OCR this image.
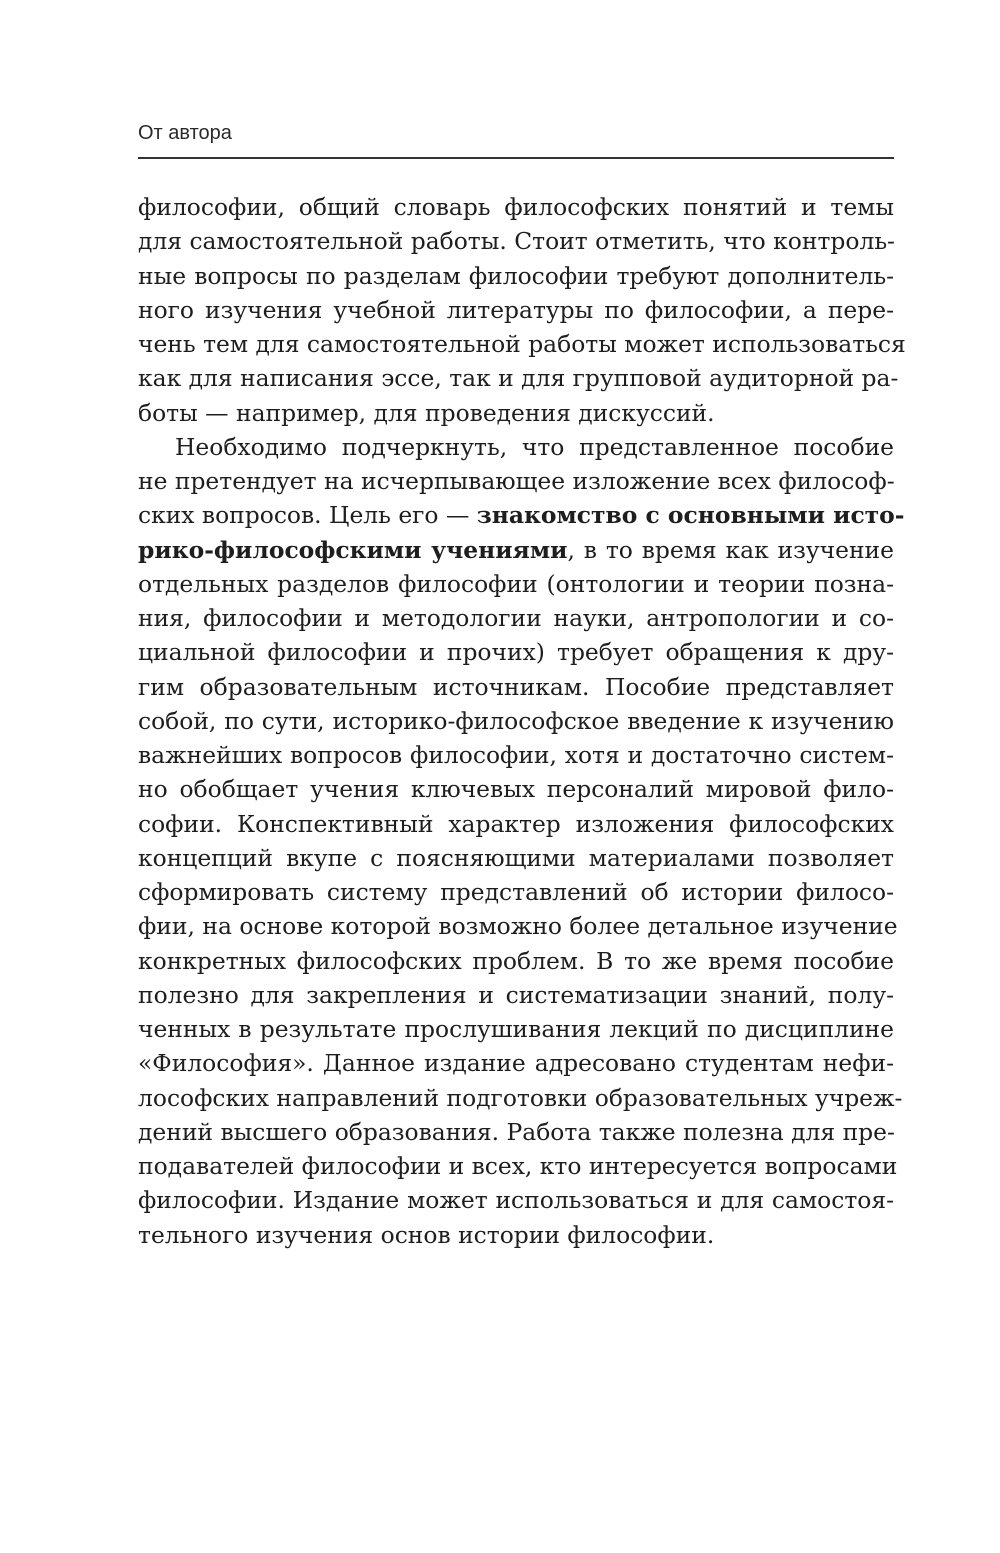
От автора
философии, общий словарь философских понятий и темы
для самостоятельной работы. Стоит отметить, что контроль-
ные вопросы по разделам философии требуют дополнитель-
ного изучения учебной литературы по философии, а пере-
чень тем для самостоятельной работы может использоваться
как для написания эссе, так и для групповой аудиторной ра-
боты — например, для проведения дискуссий.
Необходимо подчеркнуть, что представленное пособие
не претендует на исчерпывающее изложение всех философ-
ских вопросов. Цель его — знакомство с основными исто-
рико-философскими учениями, в то время как изучение
отдельных разделов философии (онтологии и теории позна-
ния, философии и методологии науки, антропологии и со-
циальной философии и прочих) требует обращения к дру-
гим образовательным источникам. Пособие представляет
собой, по сути, историко-философское введение к изучению
важнейших вопросов философии, хотя и достаточно систем-
но обобщает учения ключевых персоналий мировой фило-
софии. Конспективный характер изложения философских
концепций вкупе с поясняющими материалами позволяет
сформировать систему представлений об истории филосо-
фии, на основе которой возможно более детальное изучение
конкретных философских проблем. В то же время пособие
полезно для закрепления и систематизации знаний, полу-
ченных в результате прослушивания лекций по дисциплине
«Философия». Данное издание адресовано студентам нефи-
лософских направлений подготовки образовательных учреж-
дений высшего образования. Работа также полезна для пре-
подавателей философии и всех, кто интересуется вопросами
философии. Издание может использоваться и для самостоя-
тельного изучения основ истории философии.
